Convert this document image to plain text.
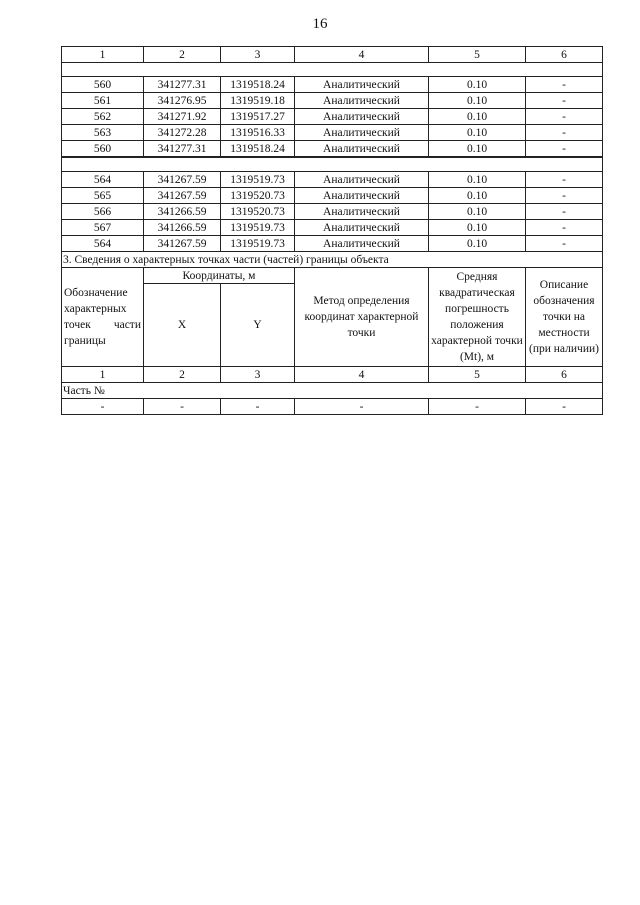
16
1	2	3	4	5	6

560	341277.31	1319518.24	Аналитический	0.10	-
561	341276.95	1319519.18	Аналитический	0.10	-
562	341271.92	1319517.27	Аналитический	0.10	-
563	341272.28	1319516.33	Аналитический	0.10	-
560	341277.31	1319518.24	Аналитический	0.10	-

564	341267.59	1319519.73	Аналитический	0.10	-
565	341267.59	1319520.73	Аналитический	0.10	-
566	341266.59	1319520.73	Аналитический	0.10	-
567	341266.59	1319519.73	Аналитический	0.10	-
564	341267.59	1319519.73	Аналитический	0.10	-
3. Сведения о характерных точках части (частей) границы объекта					
Обозначение
характерных

точек части
границы	Координаты, м		Метод определения координат характерной точки	Средняя квадратическая погрешность положения характерной точки (Mt), м	Описание обозначения точки на местности (при наличии)
	X	Y			
1	2	3	4	5	6
Часть №					
-	-	-	-	-	-
